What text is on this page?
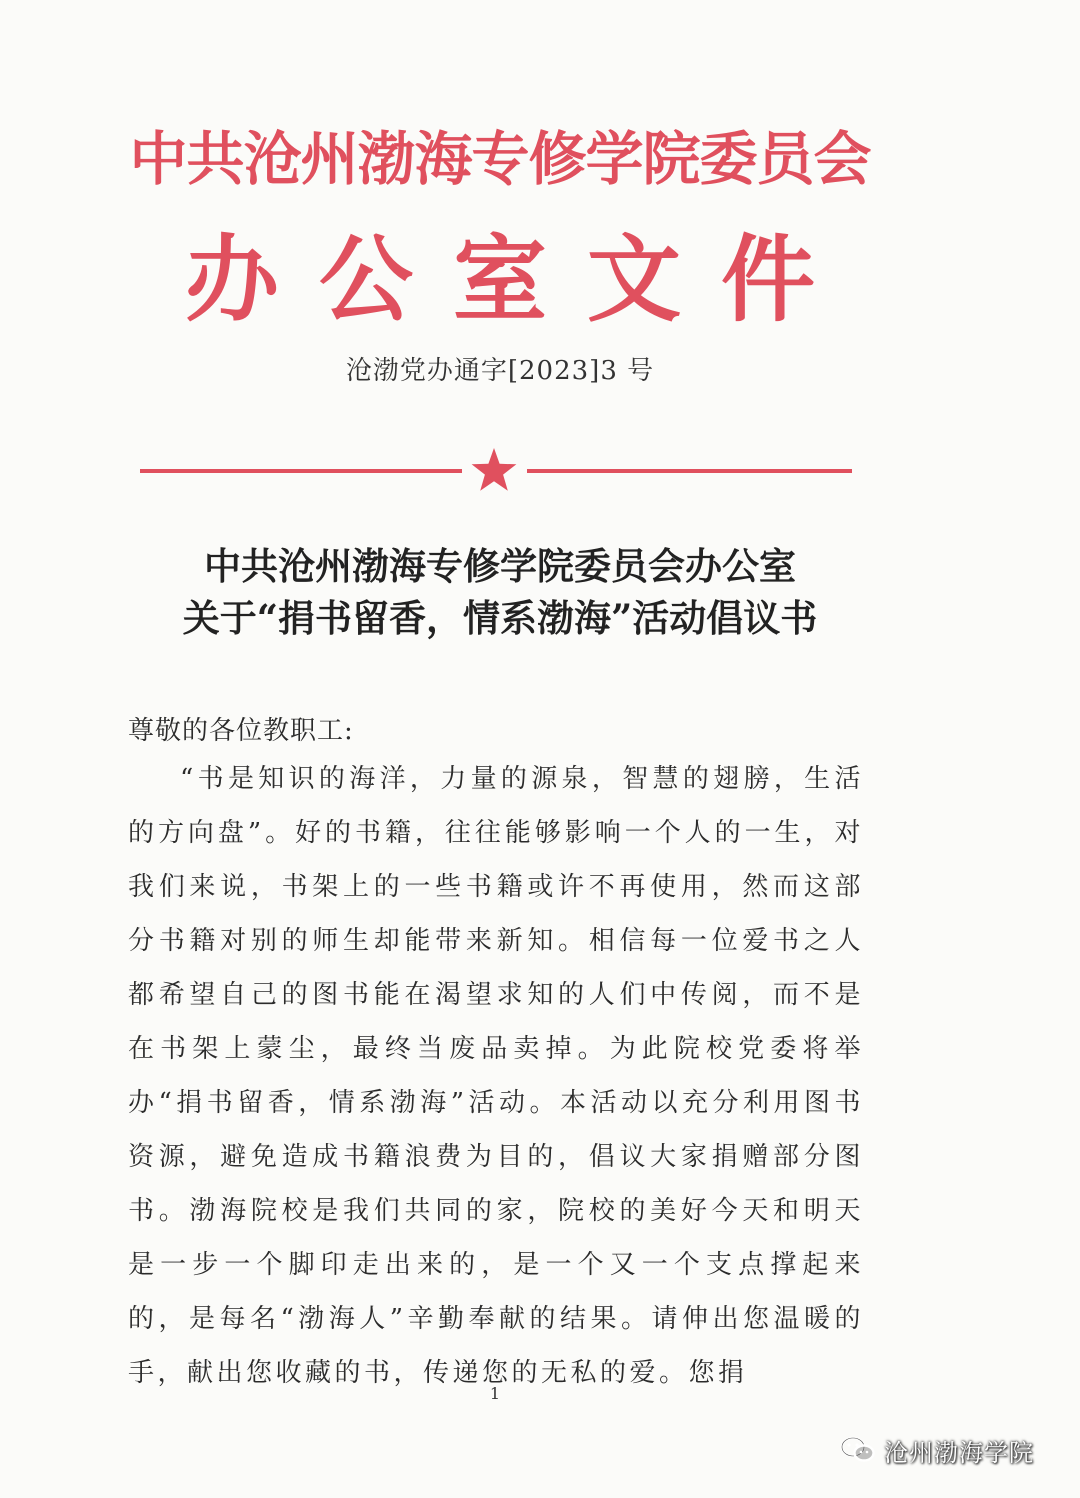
中共沧州渤海专修学院委员会
办公室文件
沧渤党办通字[2023]3 号
中共沧州渤海专修学院委员会办公室
关于“捐书留香，情系渤海”活动倡议书
尊敬的各位教职工:

“书是知识的海洋，力量的源泉，智慧的翅膀，生活的方向盘”。好的书籍，往往能够影响一个人的一生，对我们来说，书架上的一些书籍或许不再使用，然而这部分书籍对别的师生却能带来新知。相信每一位爱书之人都希望自己的图书能在渴望求知的人们中传阅，而不是在书架上蒙尘，最终当废品卖掉。为此院校党委将举办“捐书留香，情系渤海”活动。本活动以充分利用图书资源，避免造成书籍浪费为目的，倡议大家捐赠部分图书。渤海院校是我们共同的家，院校的美好今天和明天是一步一个脚印走出来的，是一个又一个支点撑起来的，是每名“渤海人”辛勤奉献的结果。请伸出您温暖的手，献出您收藏的书，传递您的无私的爱。您捐

1
沧州渤海学院
